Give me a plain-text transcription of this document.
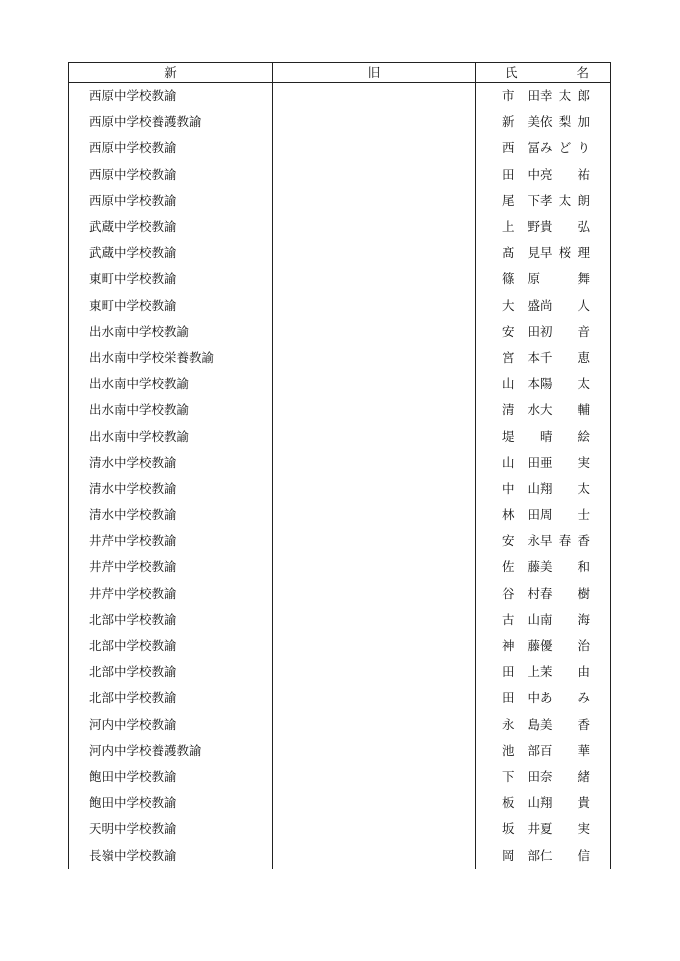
新	旧	氏 名

西原中学校教諭		市 田 幸 太 郎

西原中学校養護教諭		新 美 依 梨 加

西原中学校教諭		西 冨 み ど り

西原中学校教諭		田 中 亮 祐

西原中学校教諭		尾 下 孝 太 朗

武蔵中学校教諭		上 野 貴 弘

武蔵中学校教諭		髙 見 早 桜 理

東町中学校教諭		篠 原 舞

東町中学校教諭		大 盛 尚 人

出水南中学校教諭		安 田 初 音

出水南中学校栄養教諭		宮 本 千 恵

出水南中学校教諭		山 本 陽 太

出水南中学校教諭		清 水 大 輔

出水南中学校教諭		堤 晴 絵

清水中学校教諭		山 田 亜 実

清水中学校教諭		中 山 翔 太

清水中学校教諭		林 田 周 士

井芹中学校教諭		安 永 早 春 香

井芹中学校教諭		佐 藤 美 和

井芹中学校教諭		谷 村 春 樹

北部中学校教諭		古 山 南 海

北部中学校教諭		神 藤 優 治

北部中学校教諭		田 上 茉 由

北部中学校教諭		田 中 あ み

河内中学校教諭		永 島 美 香

河内中学校養護教諭		池 部 百 華

飽田中学校教諭		下 田 奈 緒

飽田中学校教諭		板 山 翔 貴

天明中学校教諭		坂 井 夏 実

長嶺中学校教諭		岡 部 仁 信
